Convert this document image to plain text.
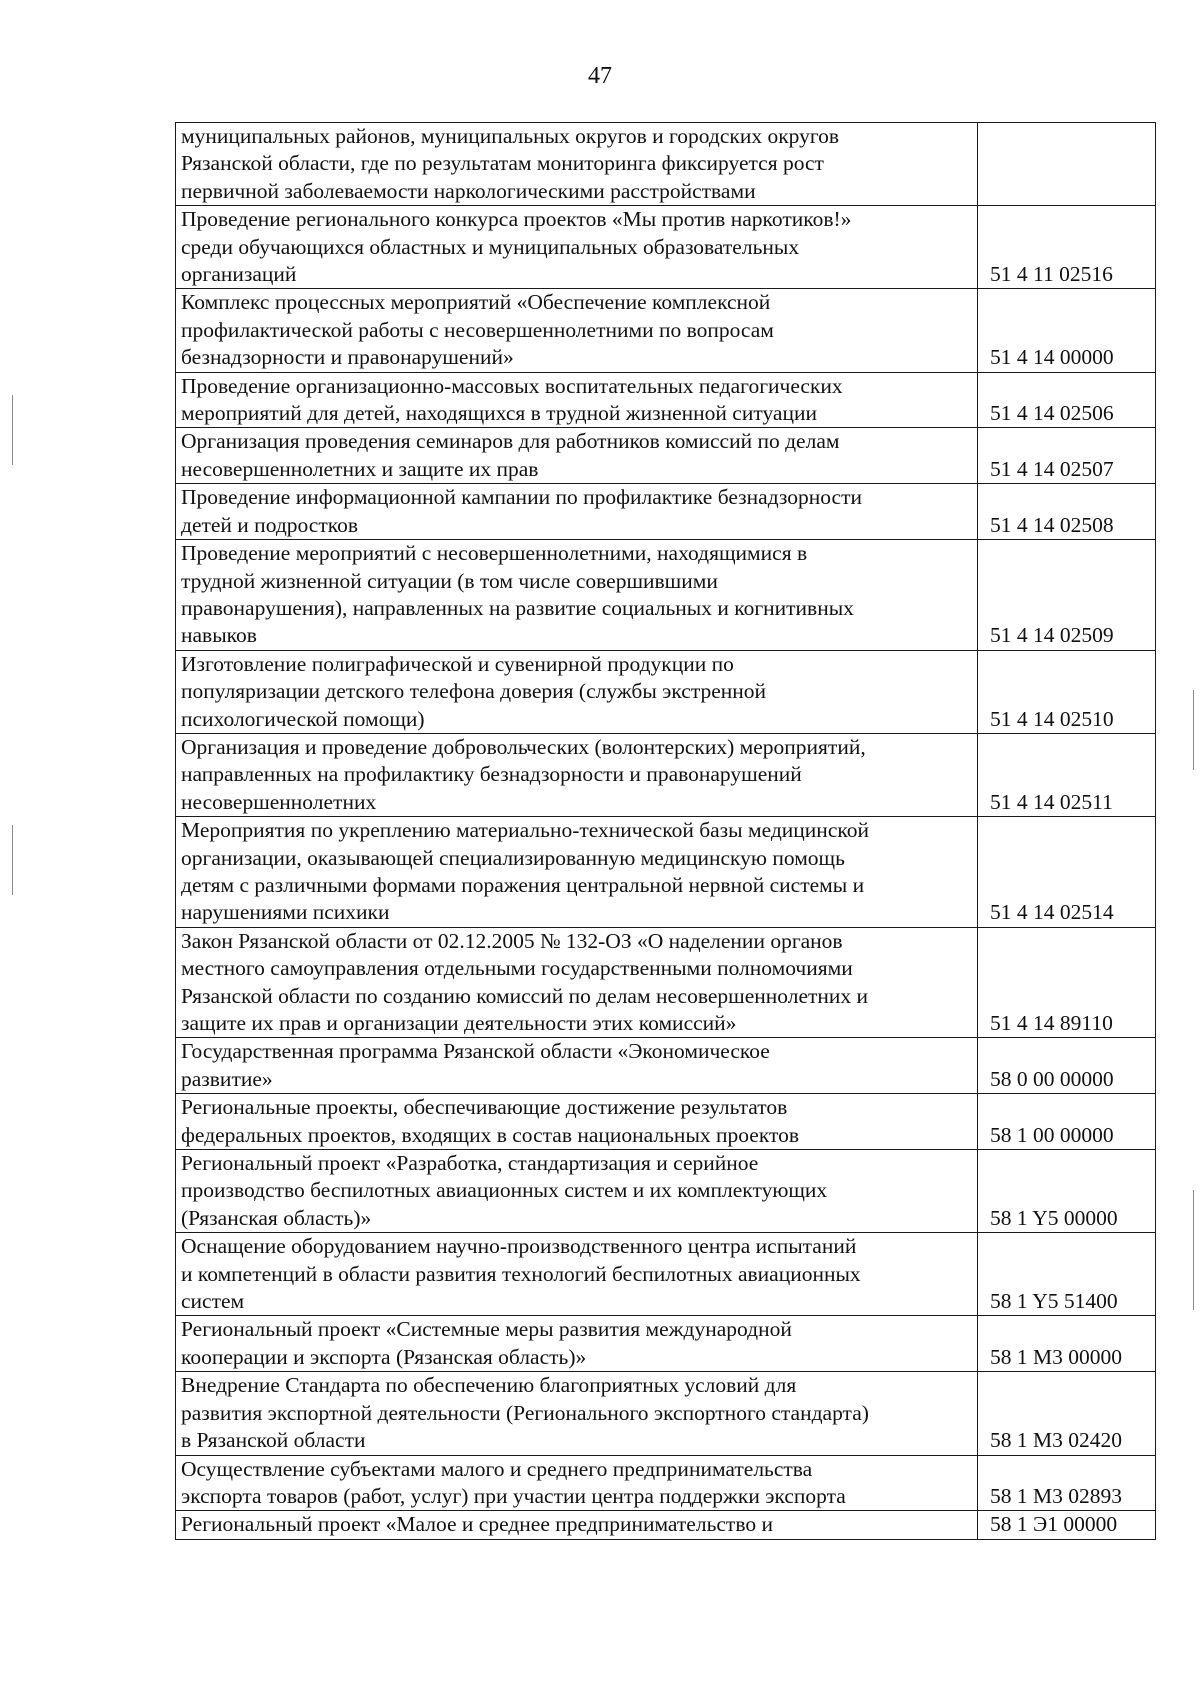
47
муниципальных районов, муниципальных округов и городских округов
Рязанской области, где по результатам мониторинга фиксируется рост
первичной заболеваемости наркологическими расстройствами	

Проведение регионального конкурса проектов «Мы против наркотиков!»
среди обучающихся областных и муниципальных образовательных
организаций	51 4 11 02516

Комплекс процессных мероприятий «Обеспечение комплексной
профилактической работы с несовершеннолетними по вопросам
безнадзорности и правонарушений»	51 4 14 00000

Проведение организационно-массовых воспитательных педагогических
мероприятий для детей, находящихся в трудной жизненной ситуации	51 4 14 02506

Организация проведения семинаров для работников комиссий по делам
несовершеннолетних и защите их прав	51 4 14 02507

Проведение информационной кампании по профилактике безнадзорности
детей и подростков	51 4 14 02508

Проведение мероприятий с несовершеннолетними, находящимися в
трудной жизненной ситуации (в том числе совершившими
правонарушения), направленных на развитие социальных и когнитивных
навыков	51 4 14 02509

Изготовление полиграфической и сувенирной продукции по
популяризации детского телефона доверия (службы экстренной
психологической помощи)	51 4 14 02510

Организация и проведение добровольческих (волонтерских) мероприятий,
направленных на профилактику безнадзорности и правонарушений
несовершеннолетних	51 4 14 02511

Мероприятия по укреплению материально-технической базы медицинской
организации, оказывающей специализированную медицинскую помощь
детям с различными формами поражения центральной нервной системы и
нарушениями психики	51 4 14 02514

Закон Рязанской области от 02.12.2005 № 132-ОЗ «О наделении органов
местного самоуправления отдельными государственными полномочиями
Рязанской области по созданию комиссий по делам несовершеннолетних и
защите их прав и организации деятельности этих комиссий»	51 4 14 89110

Государственная программа Рязанской области «Экономическое
развитие»	58 0 00 00000

Региональные проекты, обеспечивающие достижение результатов
федеральных проектов, входящих в состав национальных проектов	58 1 00 00000

Региональный проект «Разработка, стандартизация и серийное
производство беспилотных авиационных систем и их комплектующих
(Рязанская область)»	58 1 Y5 00000

Оснащение оборудованием научно-производственного центра испытаний
и компетенций в области развития технологий беспилотных авиационных
систем	58 1 Y5 51400

Региональный проект «Системные меры развития международной
кооперации и экспорта (Рязанская область)»	58 1 М3 00000

Внедрение Стандарта по обеспечению благоприятных условий для
развития экспортной деятельности (Регионального экспортного стандарта)
в Рязанской области	58 1 М3 02420

Осуществление субъектами малого и среднего предпринимательства
экспорта товаров (работ, услуг) при участии центра поддержки экспорта	58 1 М3 02893

Региональный проект «Малое и среднее предпринимательство и	58 1 Э1 00000
